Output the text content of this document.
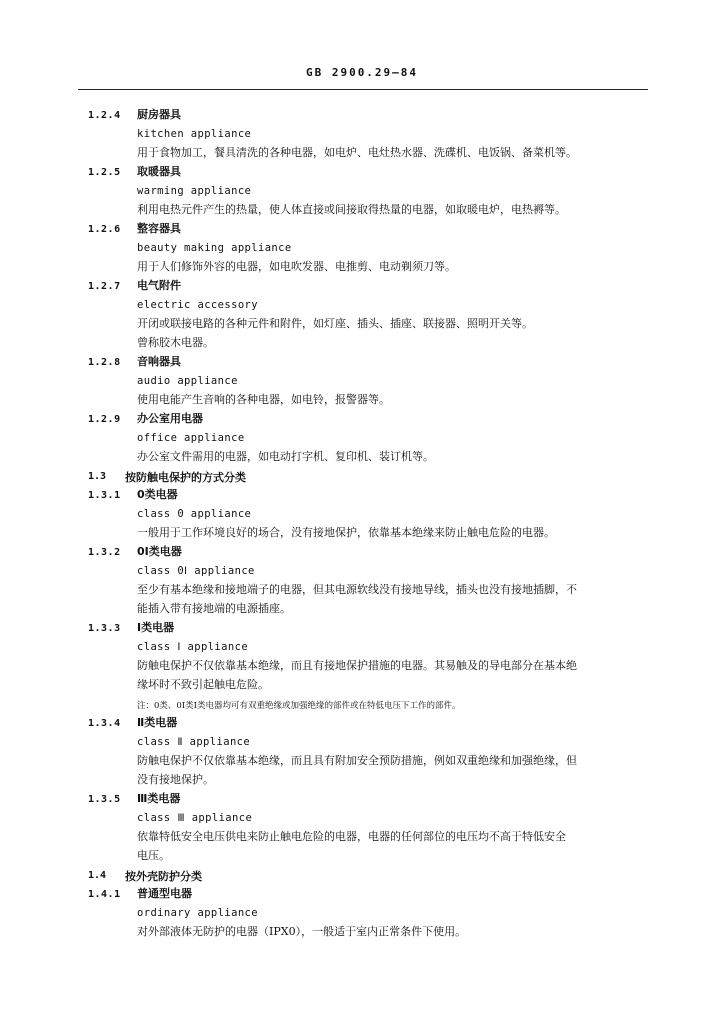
GB 2900.29—84
1.2.4	厨房器具
kitchen appliance
用于食物加工，餐具清洗的各种电器，如电炉、电灶热水器、洗碟机、电饭锅、备菜机等。
1.2.5	取暖器具
warming appliance
利用电热元件产生的热量，使人体直接或间接取得热量的电器，如取暖电炉，电热褥等。
1.2.6	整容器具
beauty making appliance
用于人们修饰外容的电器，如电吹发器、电推剪、电动剃须刀等。
1.2.7	电气附件
electric accessory
开闭或联接电路的各种元件和附件，如灯座、插头、插座、联接器、照明开关等。
曾称胶木电器。
1.2.8	音响器具
audio appliance
使用电能产生音响的各种电器，如电铃，报警器等。
1.2.9	办公室用电器
office appliance
办公室文件需用的电器，如电动打字机、复印机、装订机等。
1.3 按防触电保护的方式分类
1.3.1	0类电器
class 0 appliance
一般用于工作环境良好的场合，没有接地保护，依靠基本绝缘来防止触电危险的电器。
1.3.2	0Ⅰ类电器
class 0Ⅰ appliance
至少有基本绝缘和接地端子的电器，但其电源软线没有接地导线，插头也没有接地插脚，不
能插入带有接地端的电源插座。
1.3.3	Ⅰ类电器
class Ⅰ appliance
防触电保护不仅依靠基本绝缘，而且有接地保护措施的电器。其易触及的导电部分在基本绝
缘坏时不致引起触电危险。
注：0类、0Ⅰ类Ⅰ类电器均可有双重绝缘或加强绝缘的部件或在特低电压下工作的部件。
1.3.4	Ⅱ类电器
class Ⅱ appliance
防触电保护不仅依靠基本绝缘，而且具有附加安全预防措施，例如双重绝缘和加强绝缘，但
没有接地保护。
1.3.5	Ⅲ类电器
class Ⅲ appliance
依靠特低安全电压供电来防止触电危险的电器，电器的任何部位的电压均不高于特低安全
电压。
1.4 按外壳防护分类
1.4.1	普通型电器
ordinary appliance
对外部液体无防护的电器（IPX0），一般适于室内正常条件下使用。
